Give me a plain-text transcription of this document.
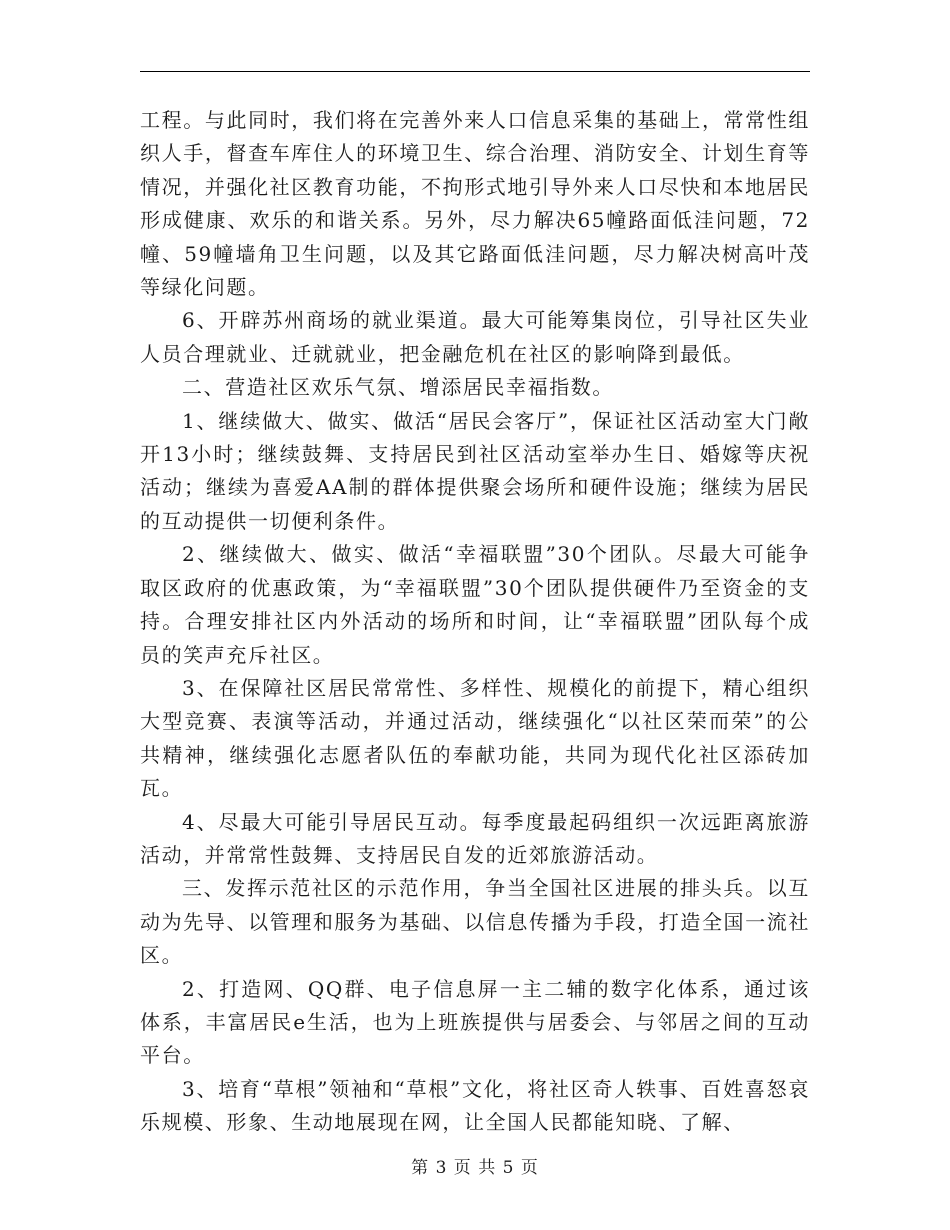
工程。与此同时，我们将在完善外来人口信息采集的基础上，常常性组织人手，督查车库住人的环境卫生、综合治理、消防安全、计划生育等情况，并强化社区教育功能，不拘形式地引导外来人口尽快和本地居民形成健康、欢乐的和谐关系。另外，尽力解决65幢路面低洼问题，72幢、59幢墙角卫生问题，以及其它路面低洼问题，尽力解决树高叶茂等绿化问题。

6、开辟苏州商场的就业渠道。最大可能筹集岗位，引导社区失业人员合理就业、迁就就业，把金融危机在社区的影响降到最低。

二、营造社区欢乐气氛、增添居民幸福指数。

1、继续做大、做实、做活“居民会客厅”，保证社区活动室大门敞开13小时；继续鼓舞、支持居民到社区活动室举办生日、婚嫁等庆祝活动；继续为喜爱AA制的群体提供聚会场所和硬件设施；继续为居民的互动提供一切便利条件。

2、继续做大、做实、做活“幸福联盟”30个团队。尽最大可能争取区政府的优惠政策，为“幸福联盟”30个团队提供硬件乃至资金的支持。合理安排社区内外活动的场所和时间，让“幸福联盟”团队每个成员的笑声充斥社区。

3、在保障社区居民常常性、多样性、规模化的前提下，精心组织大型竞赛、表演等活动，并通过活动，继续强化“以社区荣而荣”的公共精神，继续强化志愿者队伍的奉献功能，共同为现代化社区添砖加瓦。

4、尽最大可能引导居民互动。每季度最起码组织一次远距离旅游活动，并常常性鼓舞、支持居民自发的近郊旅游活动。

三、发挥示范社区的示范作用，争当全国社区进展的排头兵。以互动为先导、以管理和服务为基础、以信息传播为手段，打造全国一流社区。

2、打造网、QQ群、电子信息屏一主二辅的数字化体系，通过该体系，丰富居民e生活，也为上班族提供与居委会、与邻居之间的互动平台。

3、培育“草根”领袖和“草根”文化，将社区奇人轶事、百姓喜怒哀乐规模、形象、生动地展现在网，让全国人民都能知晓、了解、

第 3 页 共 5 页
